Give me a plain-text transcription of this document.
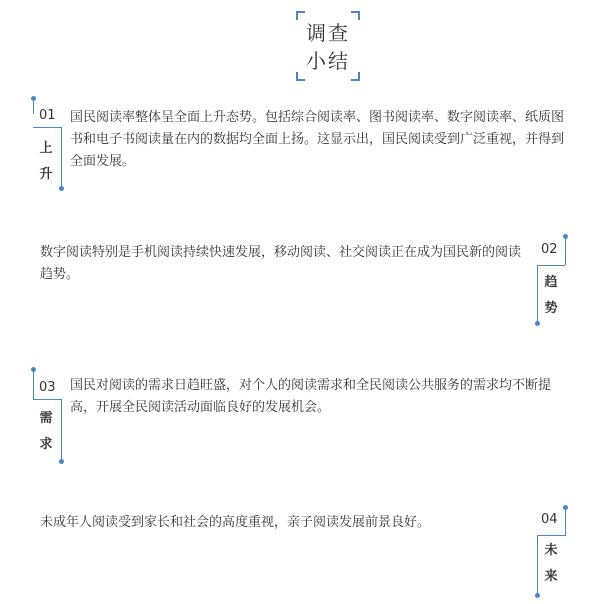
调查
小结
01
上
升
国民阅读率整体呈全面上升态势。包括综合阅读率、图书阅读率、数字阅读率、纸质图书和电子书阅读量在内的数据均全面上扬。这显示出，国民阅读受到广泛重视，并得到全面发展。
02
趋
势
数字阅读特别是手机阅读持续快速发展，移动阅读、社交阅读正在成为国民新的阅读趋势。
03
需
求
国民对阅读的需求日趋旺盛，对个人的阅读需求和全民阅读公共服务的需求均不断提高，开展全民阅读活动面临良好的发展机会。
04
未
来
未成年人阅读受到家长和社会的高度重视，亲子阅读发展前景良好。
